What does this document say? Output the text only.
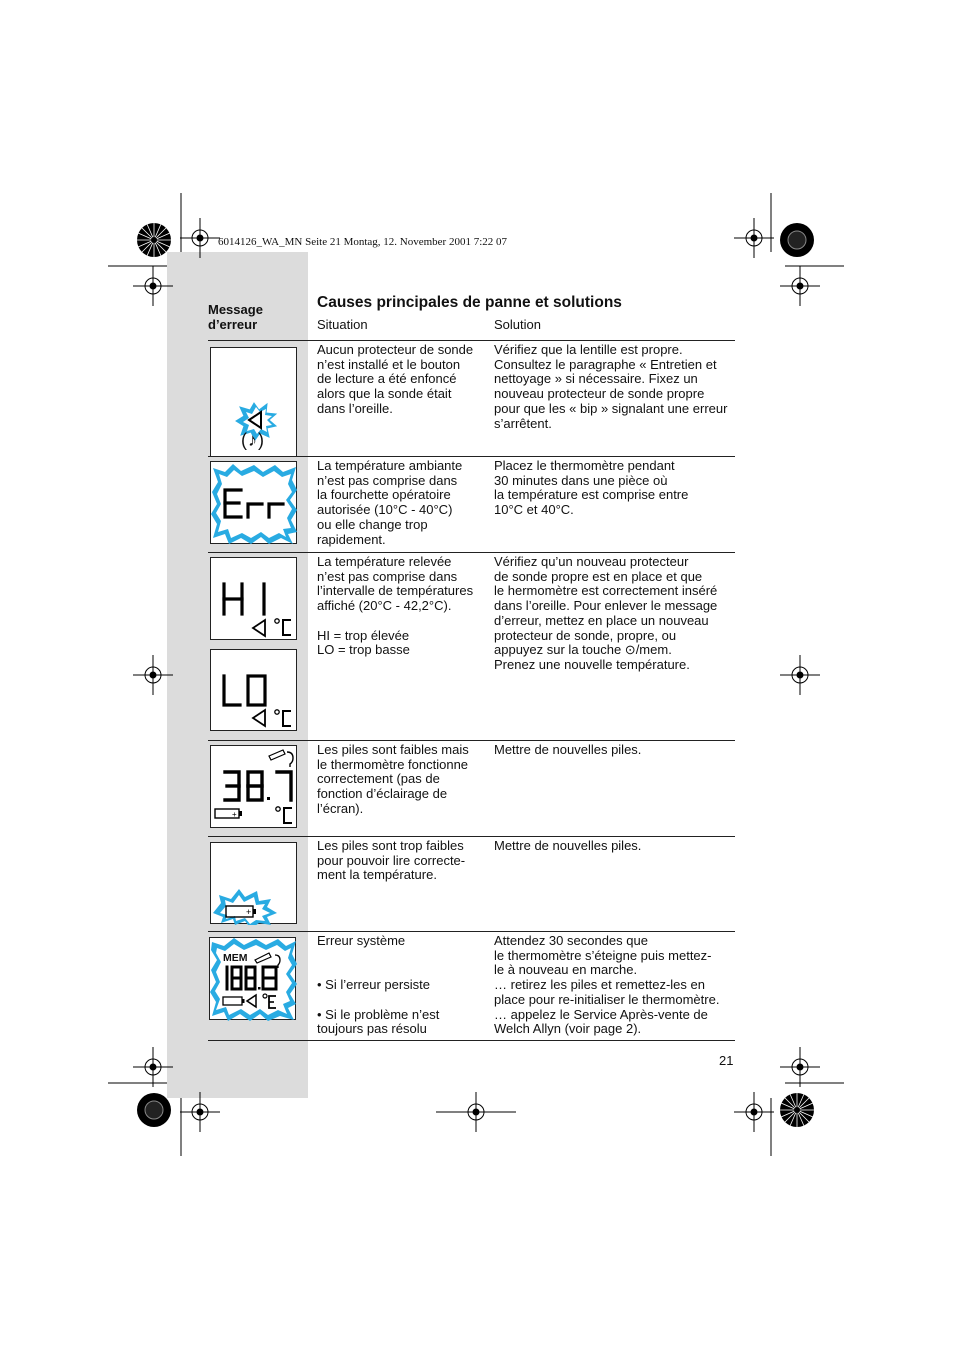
6014126_WA_MN Seite 21 Montag, 12. November 2001 7:22 07
Message
d’erreur
Causes principales de panne et solutions
Situation	Solution
(♪)
Aucun protecteur de sonde
n’est installé et le bouton
de lecture a été enfoncé
alors que la sonde était
dans l’oreille.
Vérifiez que la lentille est propre.
Consultez le paragraphe « Entretien et
nettoyage » si nécessaire. Fixez un
nouveau protecteur de sonde propre
pour que les « bip » signalant une erreur
s’arrêtent.
La température ambiante
n’est pas comprise dans
la fourchette opératoire
autorisée (10°C - 40°C)
ou elle change trop
rapidement.
Placez le thermomètre pendant
30 minutes dans une pièce où
la température est comprise entre
10°C et 40°C.
La température relevée
n’est pas comprise dans
l’intervalle de températures
affiché (20°C - 42,2°C).

HI = trop élevée
LO = trop basse
Vérifiez qu’un nouveau protecteur
de sonde propre est en place et que
le hermomètre est correctement inséré
dans l’oreille. Pour enlever le message
d’erreur, mettez en place un nouveau
protecteur de sonde, propre, ou
appuyez sur la touche ⊙/mem.
Prenez une nouvelle température.
+
Les piles sont faibles mais
le thermomètre fonctionne
correctement (pas de
fonction d’éclairage de
l’écran).
Mettre de nouvelles piles.
+
Les piles sont trop faibles
pour pouvoir lire correcte-
ment la température.
Mettre de nouvelles piles.
MEM
Erreur système

• Si l’erreur persiste

• Si le problème n’est
toujours pas résolu
Attendez 30 secondes que
le thermomètre s’éteigne puis mettez-
le à nouveau en marche.
… retirez les piles et remettez-les en
place pour re-initialiser le thermomètre.
… appelez le Service Après-vente de
Welch Allyn (voir page 2).
21
